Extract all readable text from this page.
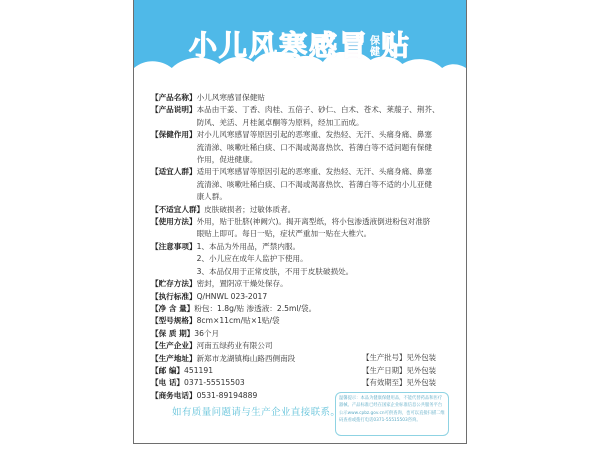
小儿风寒感冒保
健贴
【产品名称】 小儿风寒感冒保健贴
【产品说明】 本品由干姜、丁香、肉桂、五倍子、砂仁、白术、苍术、莱菔子、荆芥、
防风、羌活、月桂氮卓酮等为原料，经加工而成。
【保健作用】 对小儿风寒感冒等原因引起的恶寒重、发热轻、无汗、头痛身痛、鼻塞
流清涕、咳嗽吐稀白痰、口不渴或渴喜热饮、苔薄白等不适问题有保健
作用，促进健康。
【适宜人群】 适用于风寒感冒等原因引起的恶寒重、发热轻、无汗、头痛身痛、鼻塞
流清涕、咳嗽吐稀白痰、口不渴或渴喜热饮、苔薄白等不适的小儿亚健
康人群。
【不适宜人群】 皮肤破损者；过敏体质者。
【使用方法】 外用，贴于肚脐(神阙穴)。揭开离型纸，将小包渗透液倒进粉包对准脐
眼贴上即可。每日一贴，症状严重加一贴在大椎穴。
【注意事项】 1、本品为外用品，严禁内服。
2、小儿应在成年人监护下使用。
3、本品仅用于正常皮肤，不用于皮肤破损处。
【贮存方法】 密封，置阴凉干燥处保存。
【执行标准】 Q/HNWL 023-2017
【净 含 量】 粉包：1.8g/贴 渗透液：2.5ml/袋。
【型号规格】 8cm×11cm/贴×1贴/袋
【保 质 期】 36个月
【生产企业】 河南五绿药业有限公司
【生产地址】 新郑市龙湖镇梅山路西侧南段
【邮 编】 451191
【电 话】 0371-55515503
【商务电话】 0531-89194889
【生产批号】见外包装
【生产日期】见外包装
【有效期至】见外包装
如有质量问题请与生产企业直接联系。
温馨提示：本品为健康保健用品，不能代替药品和医疗器械。产品标准已经在国家企业标准信息公共服务平台公示www.cpbz.gov.cn可供查询，也可以直接扫描二维码查看或拨打电话0371-55515503咨询。
